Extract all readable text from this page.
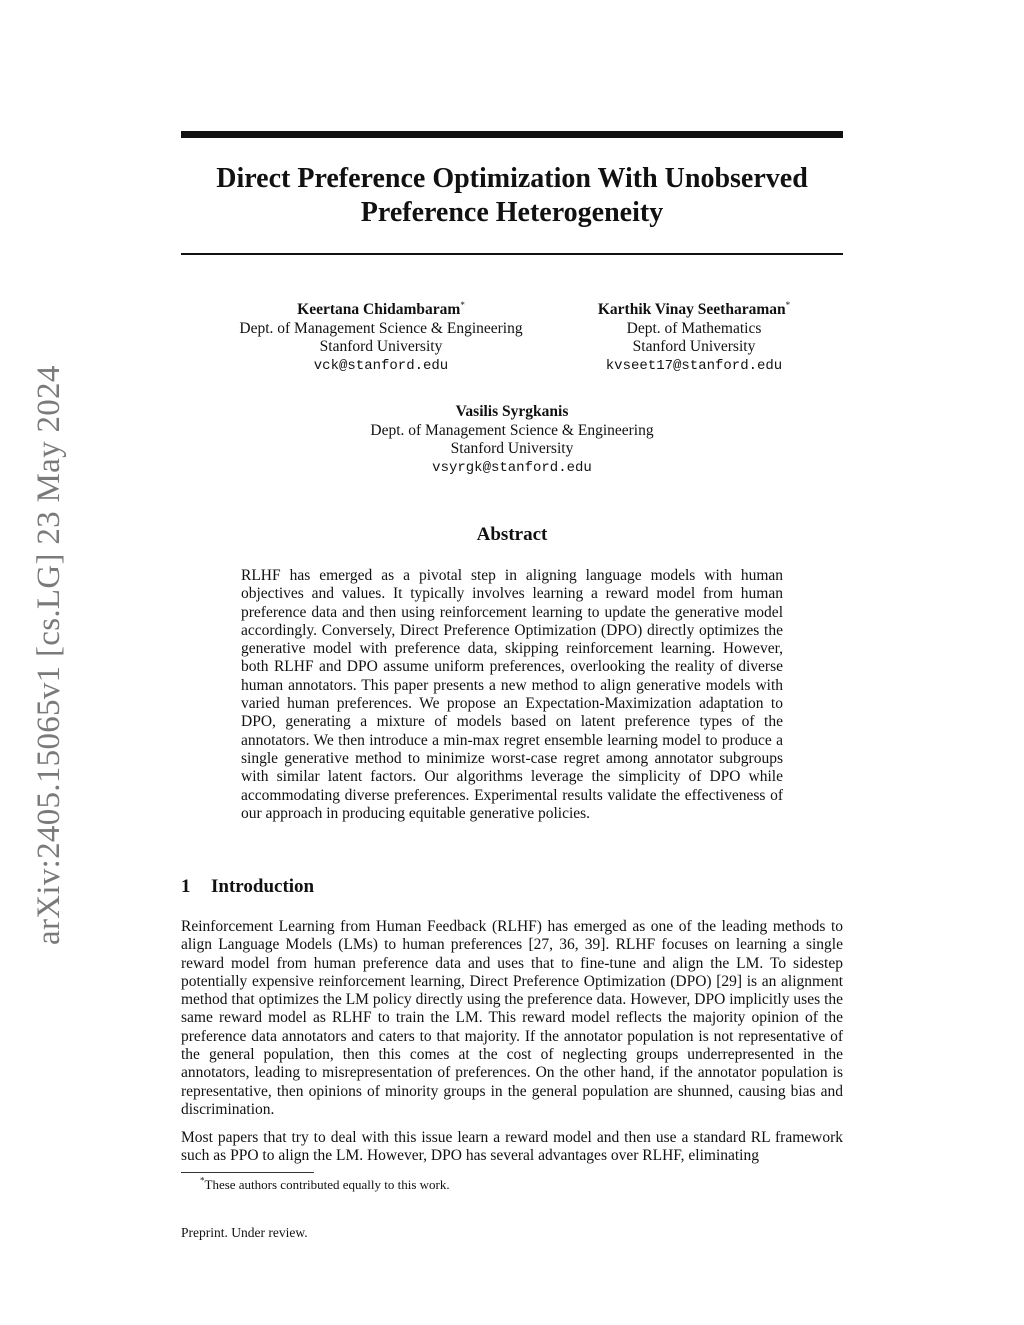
arXiv:2405.15065v1 [cs.LG] 23 May 2024
Direct Preference Optimization With Unobserved
Preference Heterogeneity
Keertana Chidambaram*
Dept. of Management Science & Engineering
Stanford University
vck@stanford.edu
Karthik Vinay Seetharaman*
Dept. of Mathematics
Stanford University
kvseet17@stanford.edu
Vasilis Syrgkanis
Dept. of Management Science & Engineering
Stanford University
vsyrgk@stanford.edu
Abstract

RLHF has emerged as a pivotal step in aligning language models with human objectives and values. It typically involves learning a reward model from human preference data and then using reinforcement learning to update the generative model accordingly. Conversely, Direct Preference Optimization (DPO) directly optimizes the generative model with preference data, skipping reinforcement learning. However, both RLHF and DPO assume uniform preferences, overlooking the reality of diverse human annotators. This paper presents a new method to align generative models with varied human preferences. We propose an Expectation-Maximization adaptation to DPO, generating a mixture of models based on latent preference types of the annotators. We then introduce a min-max regret ensemble learning model to produce a single generative method to minimize worst-case regret among annotator subgroups with similar latent factors. Our algorithms leverage the simplicity of DPO while accommodating diverse preferences. Experimental results validate the effectiveness of our approach in producing equitable generative policies.

1 Introduction

Reinforcement Learning from Human Feedback (RLHF) has emerged as one of the leading methods to align Language Models (LMs) to human preferences [27, 36, 39]. RLHF focuses on learning a single reward model from human preference data and uses that to fine-tune and align the LM. To sidestep potentially expensive reinforcement learning, Direct Preference Optimization (DPO) [29] is an alignment method that optimizes the LM policy directly using the preference data. However, DPO implicitly uses the same reward model as RLHF to train the LM. This reward model reflects the majority opinion of the preference data annotators and caters to that majority. If the annotator population is not representative of the general population, then this comes at the cost of neglecting groups underrepresented in the annotators, leading to misrepresentation of preferences. On the other hand, if the annotator population is representative, then opinions of minority groups in the general population are shunned, causing bias and discrimination.

Most papers that try to deal with this issue learn a reward model and then use a standard RL framework such as PPO to align the LM. However, DPO has several advantages over RLHF, eliminating

*These authors contributed equally to this work.
Preprint. Under review.
